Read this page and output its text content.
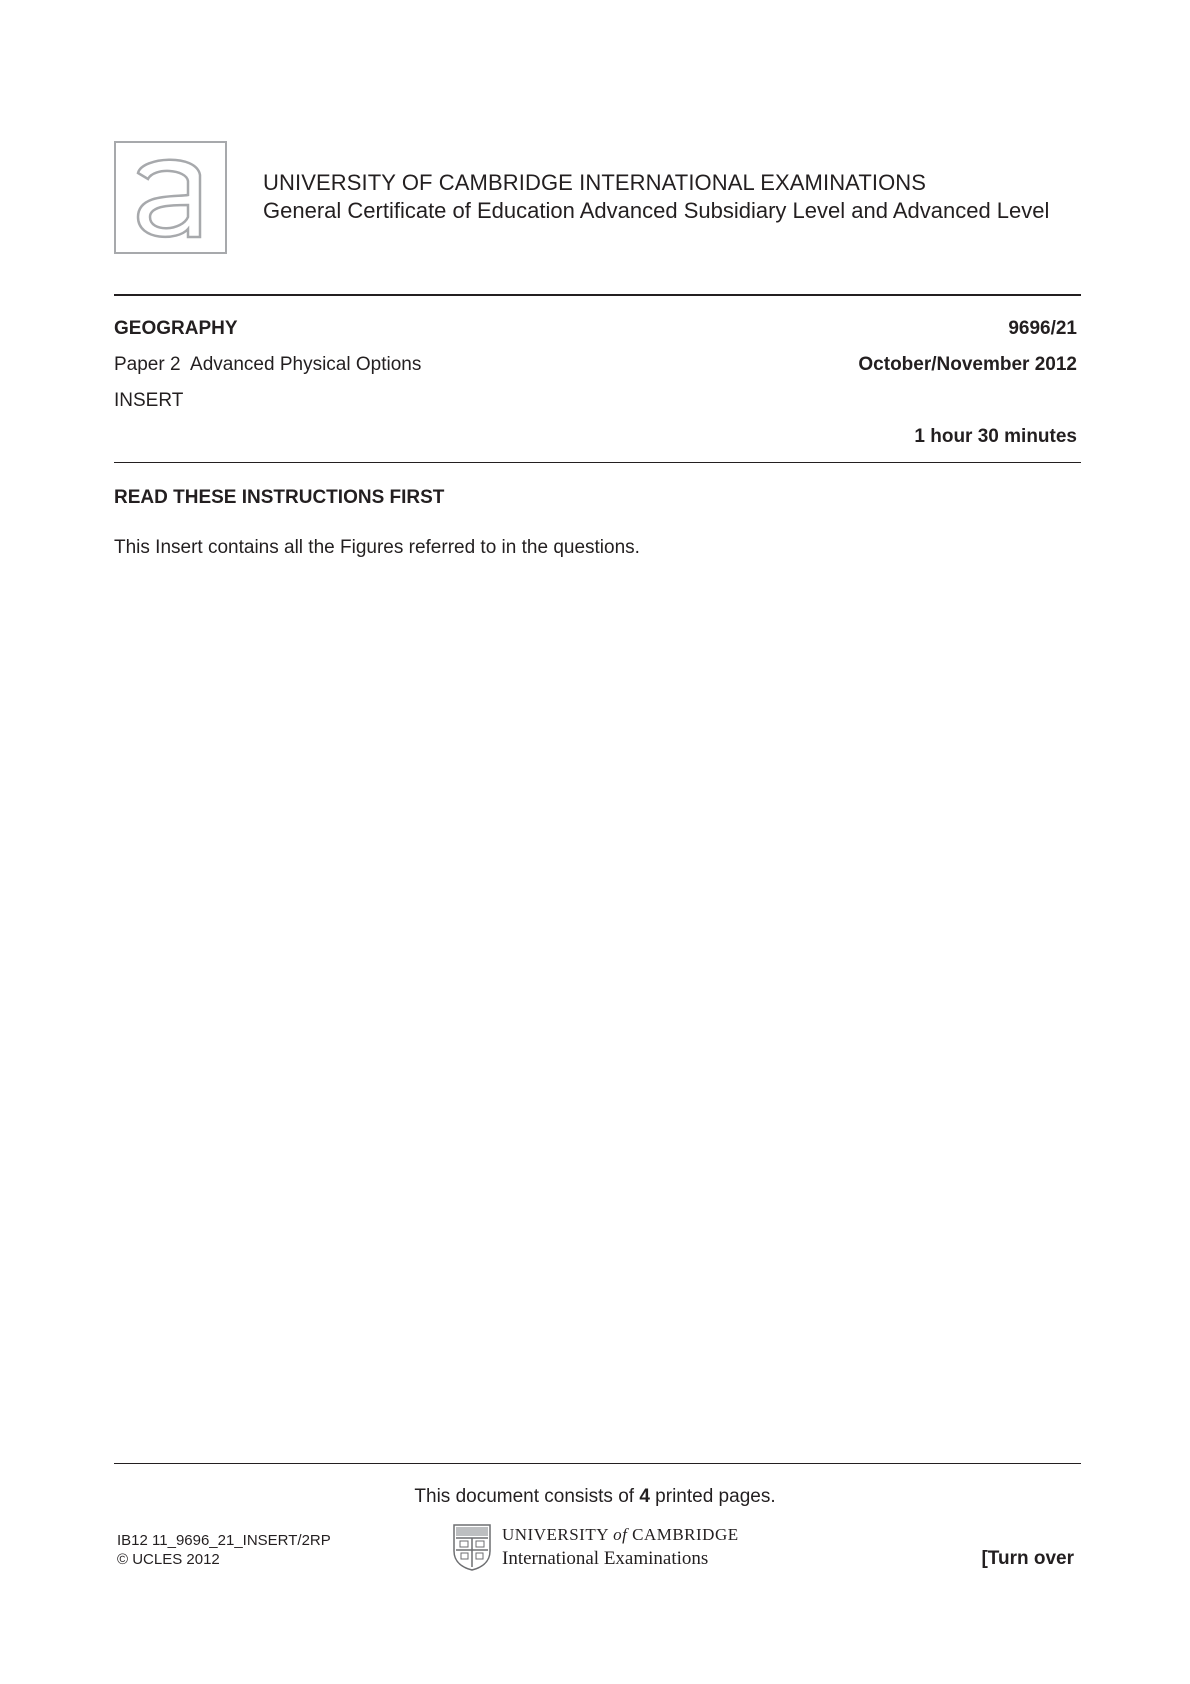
UNIVERSITY OF CAMBRIDGE INTERNATIONAL EXAMINATIONS
General Certificate of Education Advanced Subsidiary Level and Advanced Level
GEOGRAPHY	9696/21
Paper 2  Advanced Physical Options	October/November 2012
INSERT
1 hour 30 minutes
READ THESE INSTRUCTIONS FIRST
This Insert contains all the Figures referred to in the questions.
This document consists of 4 printed pages.
IB12 11_9696_21_INSERT/2RP
© UCLES 2012
UNIVERSITY of CAMBRIDGE
International Examinations	[Turn over
